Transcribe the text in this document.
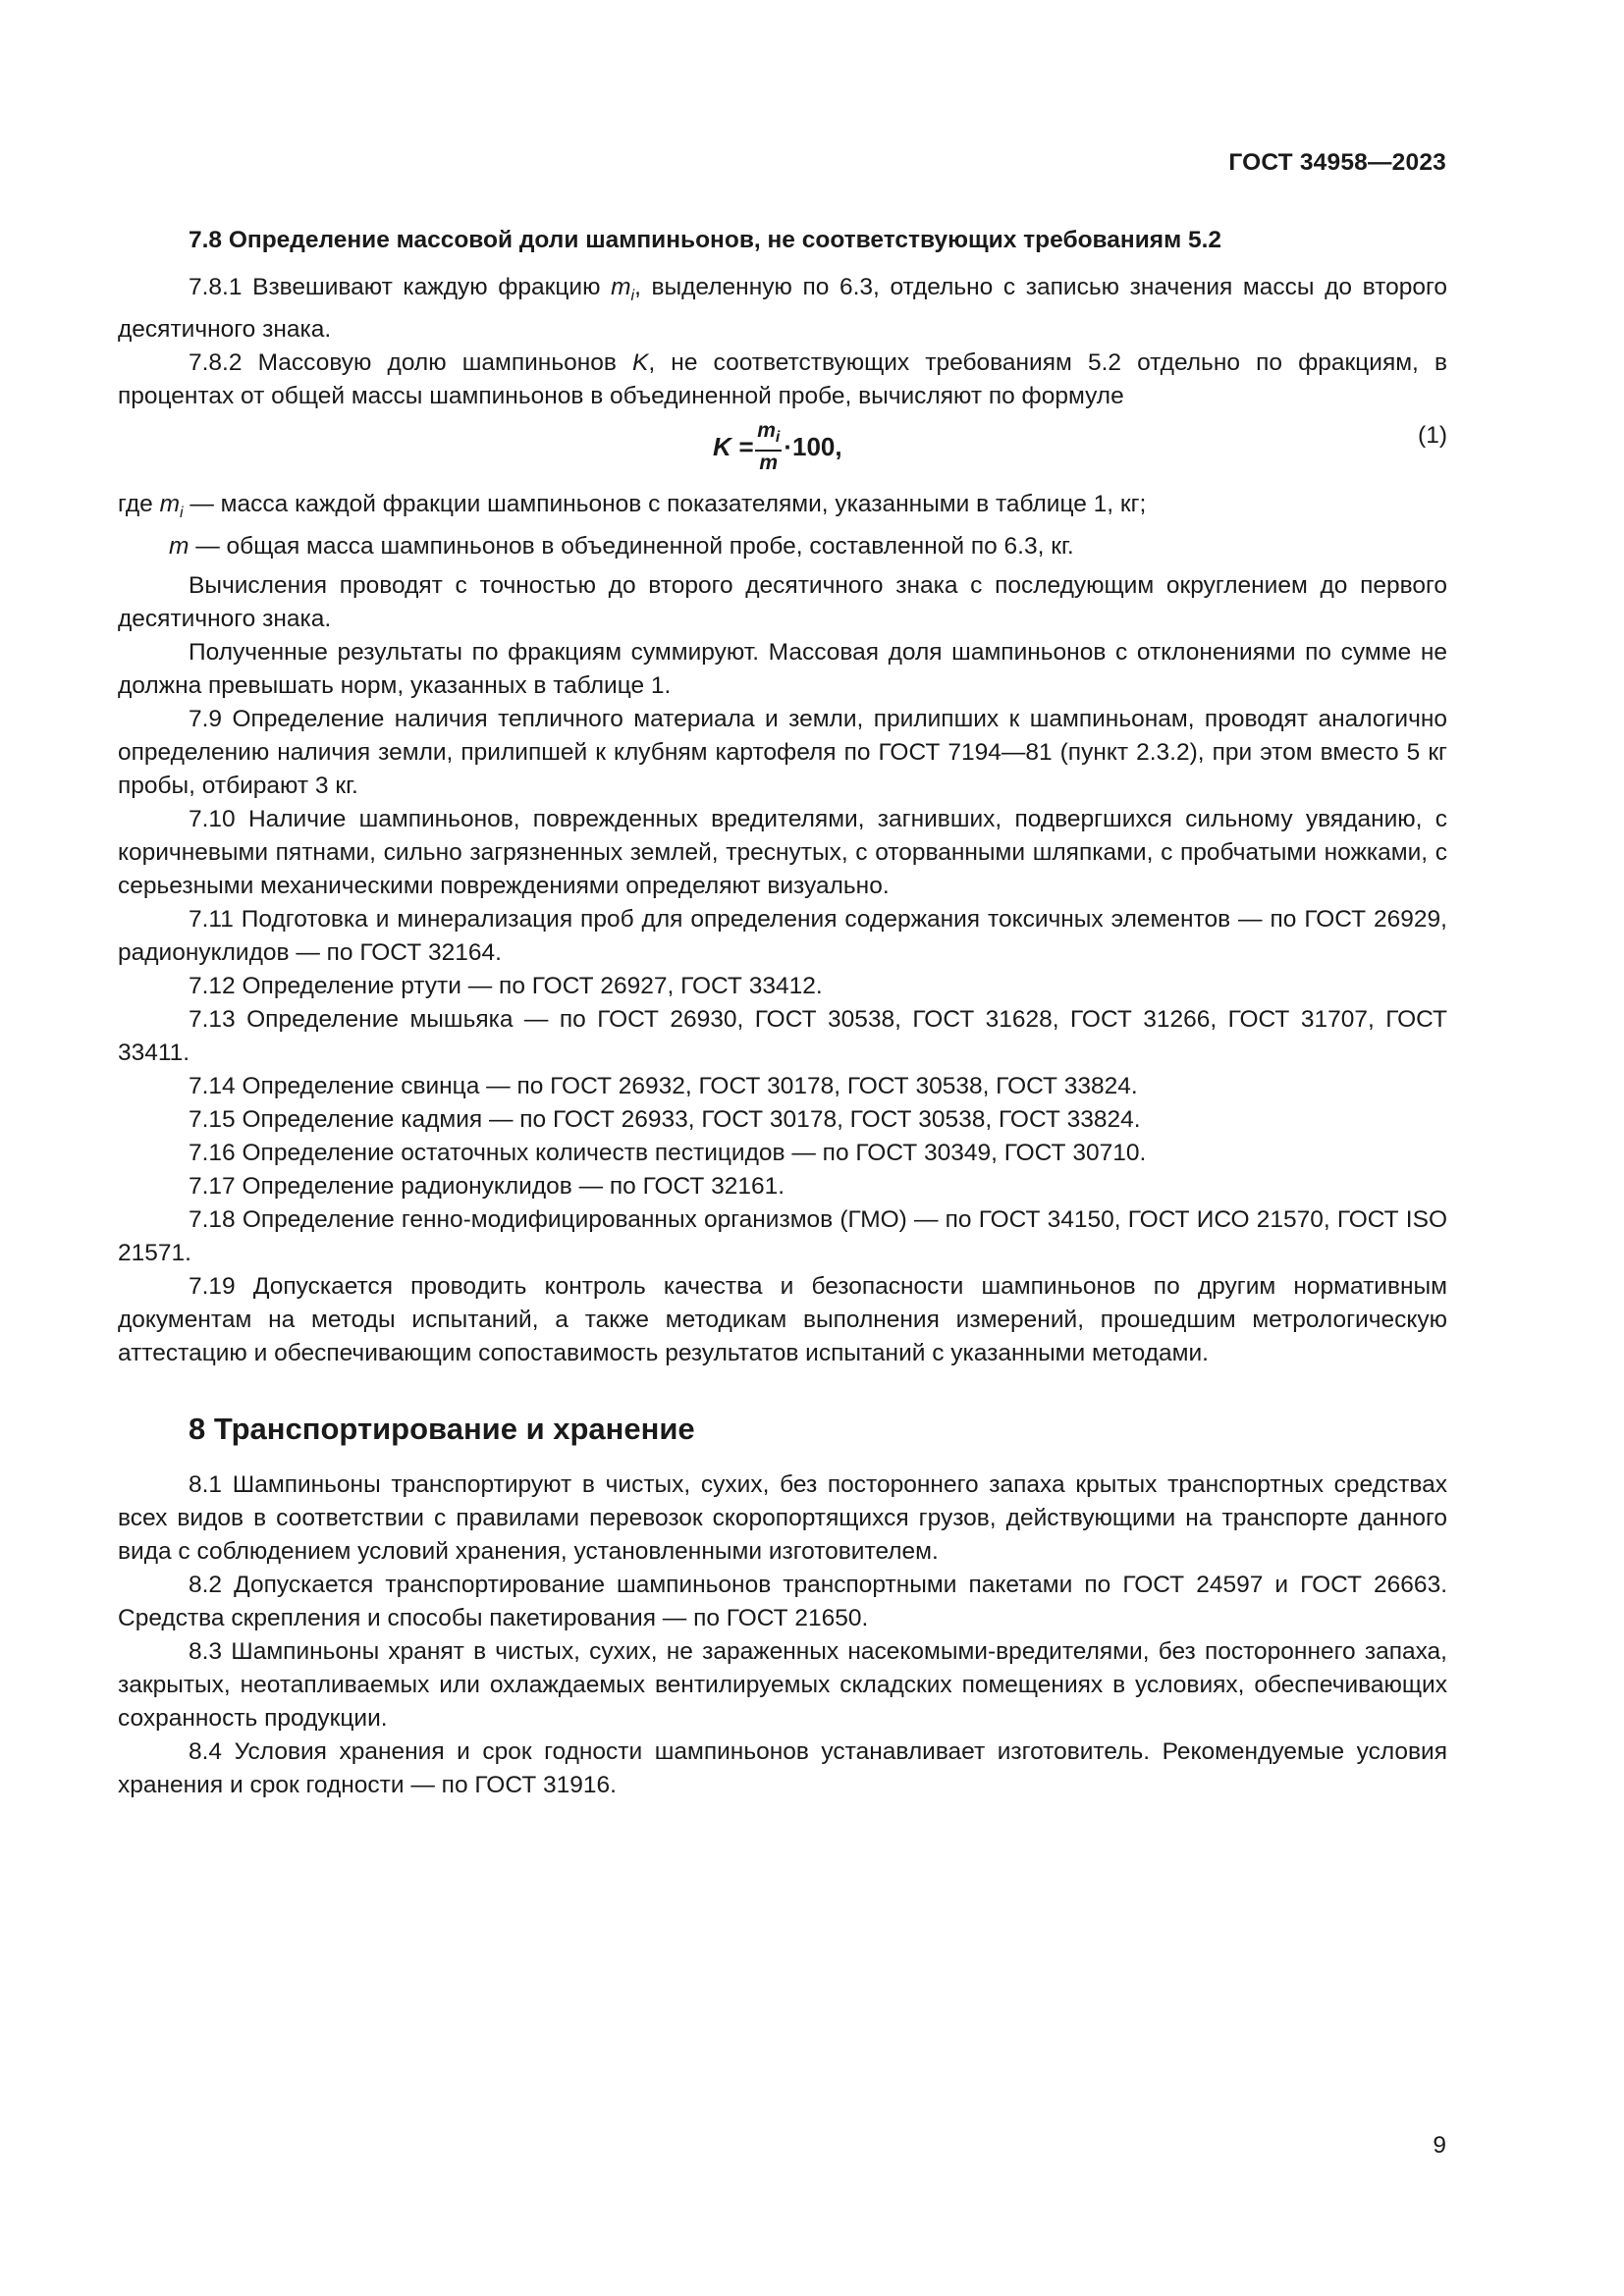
ГОСТ 34958—2023
7.8 Определение массовой доли шампиньонов, не соответствующих требованиям 5.2

7.8.1 Взвешивают каждую фракцию $m_i$, выделенную по 6.3, отдельно с записью значения массы до второго десятичного знака.

7.8.2 Массовую долю шампиньонов K, не соответствующих требованиям 5.2 отдельно по фракциям, в процентах от общей массы шампиньонов в объединенной пробе, вычисляют по формуле

$K = \frac{m_i}{m} \cdot 100$,	(1)

где $m_i$ — масса каждой фракции шампиньонов с показателями, указанными в таблице 1, кг;

m — общая масса шампиньонов в объединенной пробе, составленной по 6.3, кг.

Вычисления проводят с точностью до второго десятичного знака с последующим округлением до первого десятичного знака.

Полученные результаты по фракциям суммируют. Массовая доля шампиньонов с отклонениями по сумме не должна превышать норм, указанных в таблице 1.

7.9 Определение наличия тепличного материала и земли, прилипших к шампиньонам, проводят аналогично определению наличия земли, прилипшей к клубням картофеля по ГОСТ 7194—81 (пункт 2.3.2), при этом вместо 5 кг пробы, отбирают 3 кг.

7.10 Наличие шампиньонов, поврежденных вредителями, загнивших, подвергшихся сильному увяданию, с коричневыми пятнами, сильно загрязненных землей, треснутых, с оторванными шляпками, с пробчатыми ножками, с серьезными механическими повреждениями определяют визуально.

7.11 Подготовка и минерализация проб для определения содержания токсичных элементов — по ГОСТ 26929, радионуклидов — по ГОСТ 32164.

7.12 Определение ртути — по ГОСТ 26927, ГОСТ 33412.

7.13 Определение мышьяка — по ГОСТ 26930, ГОСТ 30538, ГОСТ 31628, ГОСТ 31266, ГОСТ 31707, ГОСТ 33411.

7.14 Определение свинца — по ГОСТ 26932, ГОСТ 30178, ГОСТ 30538, ГОСТ 33824.

7.15 Определение кадмия — по ГОСТ 26933, ГОСТ 30178, ГОСТ 30538, ГОСТ 33824.

7.16 Определение остаточных количеств пестицидов — по ГОСТ 30349, ГОСТ 30710.

7.17 Определение радионуклидов — по ГОСТ 32161.

7.18 Определение генно-модифицированных организмов (ГМО) — по ГОСТ 34150, ГОСТ ИСО 21570, ГОСТ ISO 21571.

7.19 Допускается проводить контроль качества и безопасности шампиньонов по другим нормативным документам на методы испытаний, а также методикам выполнения измерений, прошедшим метрологическую аттестацию и обеспечивающим сопоставимость результатов испытаний с указанными методами.

8 Транспортирование и хранение

8.1 Шампиньоны транспортируют в чистых, сухих, без постороннего запаха крытых транспортных средствах всех видов в соответствии с правилами перевозок скоропортящихся грузов, действующими на транспорте данного вида с соблюдением условий хранения, установленными изготовителем.

8.2 Допускается транспортирование шампиньонов транспортными пакетами по ГОСТ 24597 и ГОСТ 26663. Средства скрепления и способы пакетирования — по ГОСТ 21650.

8.3 Шампиньоны хранят в чистых, сухих, не зараженных насекомыми-вредителями, без постороннего запаха, закрытых, неотапливаемых или охлаждаемых вентилируемых складских помещениях в условиях, обеспечивающих сохранность продукции.

8.4 Условия хранения и срок годности шампиньонов устанавливает изготовитель. Рекомендуемые условия хранения и срок годности — по ГОСТ 31916.

9
